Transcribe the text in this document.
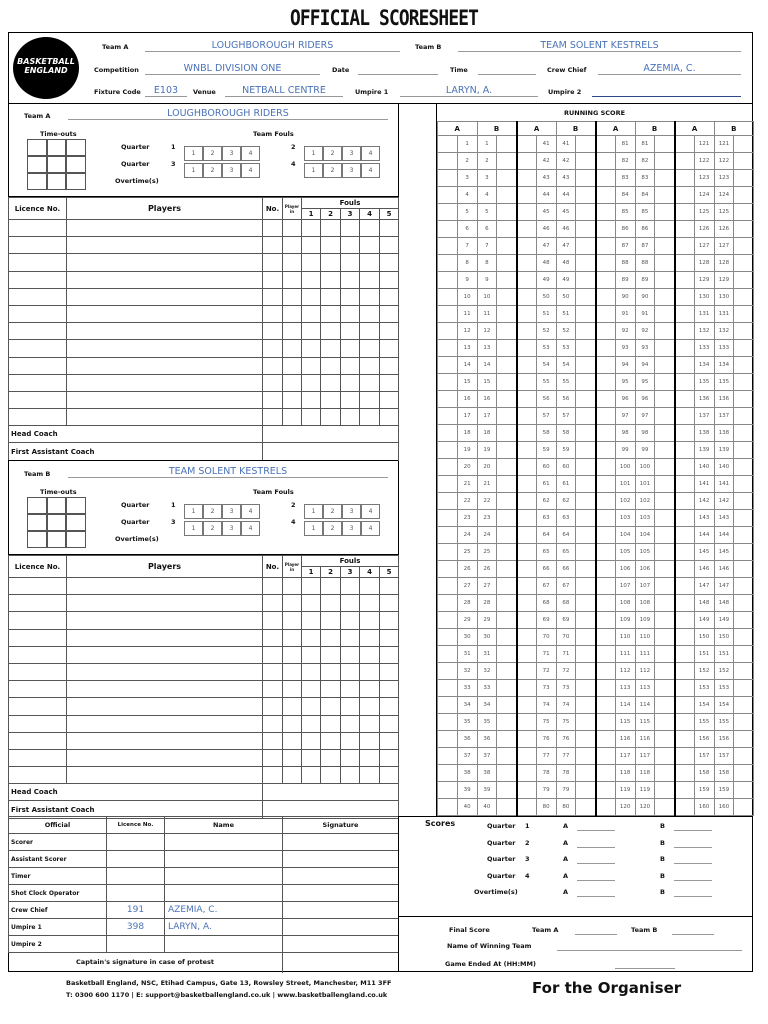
OFFICIAL SCORESHEET
BASKETBALL
ENGLAND
Team A	LOUGHBOROUGH RIDERS	Team B	TEAM SOLENT KESTRELS
Competition	WNBL DIVISION ONE	Date	Time	Crew Chief	AZEMIA, C.
Fixture Code	E103	Venue	NETBALL CENTRE	Umpire 1	LARYN, A.	Umpire 2
Team A	LOUGHBOROUGH RIDERS
Time-outs	Team Fouls
Quarter	1
1	2	3	4
2
1	2	3	4
Quarter	3
1	2	3	4
4
1	2	3	4
Overtime(s)
Licence No.	Players	No.	Player in	Fouls				
				1	2	3	4	5

Head Coach								
First Assistant Coach								
Team B	TEAM SOLENT KESTRELS
Time-outs	Team Fouls
Quarter	1
1	2	3	4
2
1	2	3	4
Quarter	3
1	2	3	4
4
1	2	3	4
Overtime(s)
Licence No.	Players	No.	Player in	Fouls				
				1	2	3	4	5

Head Coach								
First Assistant Coach								
RUNNING SCORE
A		B		A		B		A		B		A		B	
	1	1			41	41			81	81			121	121	
	2	2			42	42			82	82			122	122	
	3	3			43	43			83	83			123	123	
	4	4			44	44			84	84			124	124	
	5	5			45	45			85	85			125	125	
	6	6			46	46			86	86			126	126	
	7	7			47	47			87	87			127	127	
	8	8			48	48			88	88			128	128	
	9	9			49	49			89	89			129	129	
	10	10			50	50			90	90			130	130	
	11	11			51	51			91	91			131	131	
	12	12			52	52			92	92			132	132	
	13	13			53	53			93	93			133	133	
	14	14			54	54			94	94			134	134	
	15	15			55	55			95	95			135	135	
	16	16			56	56			96	96			136	136	
	17	17			57	57			97	97			137	137	
	18	18			58	58			98	98			138	138	
	19	19			59	59			99	99			139	139	
	20	20			60	60			100	100			140	140	
	21	21			61	61			101	101			141	141	
	22	22			62	62			102	102			142	142	
	23	23			63	63			103	103			143	143	
	24	24			64	64			104	104			144	144	
	25	25			65	65			105	105			145	145	
	26	26			66	66			106	106			146	146	
	27	27			67	67			107	107			147	147	
	28	28			68	68			108	108			148	148	
	29	29			69	69			109	109			149	149	
	30	30			70	70			110	110			150	150	
	31	31			71	71			111	111			151	151	
	32	32			72	72			112	112			152	152	
	33	33			73	73			113	113			153	153	
	34	34			74	74			114	114			154	154	
	35	35			75	75			115	115			155	155	
	36	36			76	76			116	116			156	156	
	37	37			77	77			117	117			157	157	
	38	38			78	78			118	118			158	158	
	39	39			79	79			119	119			159	159	
	40	40			80	80			120	120			160	160	
Official	Licence No.	Name	Signature
Scorer			
Assistant Scorer			
Timer			
Shot Clock Operator			
Crew Chief	191	AZEMIA, C.	
Umpire 1	398	LARYN, A.	
Umpire 2			
Captain's signature in case of protest
Scores	Quarter 1	A	B
Quarter 2	A	B
Quarter 3	A	B
Quarter 4	A	B
Overtime(s)	A	B
Final Score	Team A	Team B
Name of Winning Team
Game Ended At (HH:MM)
Basketball England, NSC, Etihad Campus, Gate 13, Rowsley Street, Manchester, M11 3FF
T: 0300 600 1170 | E: support@basketballengland.co.uk | www.basketballengland.co.uk	For the Organiser
